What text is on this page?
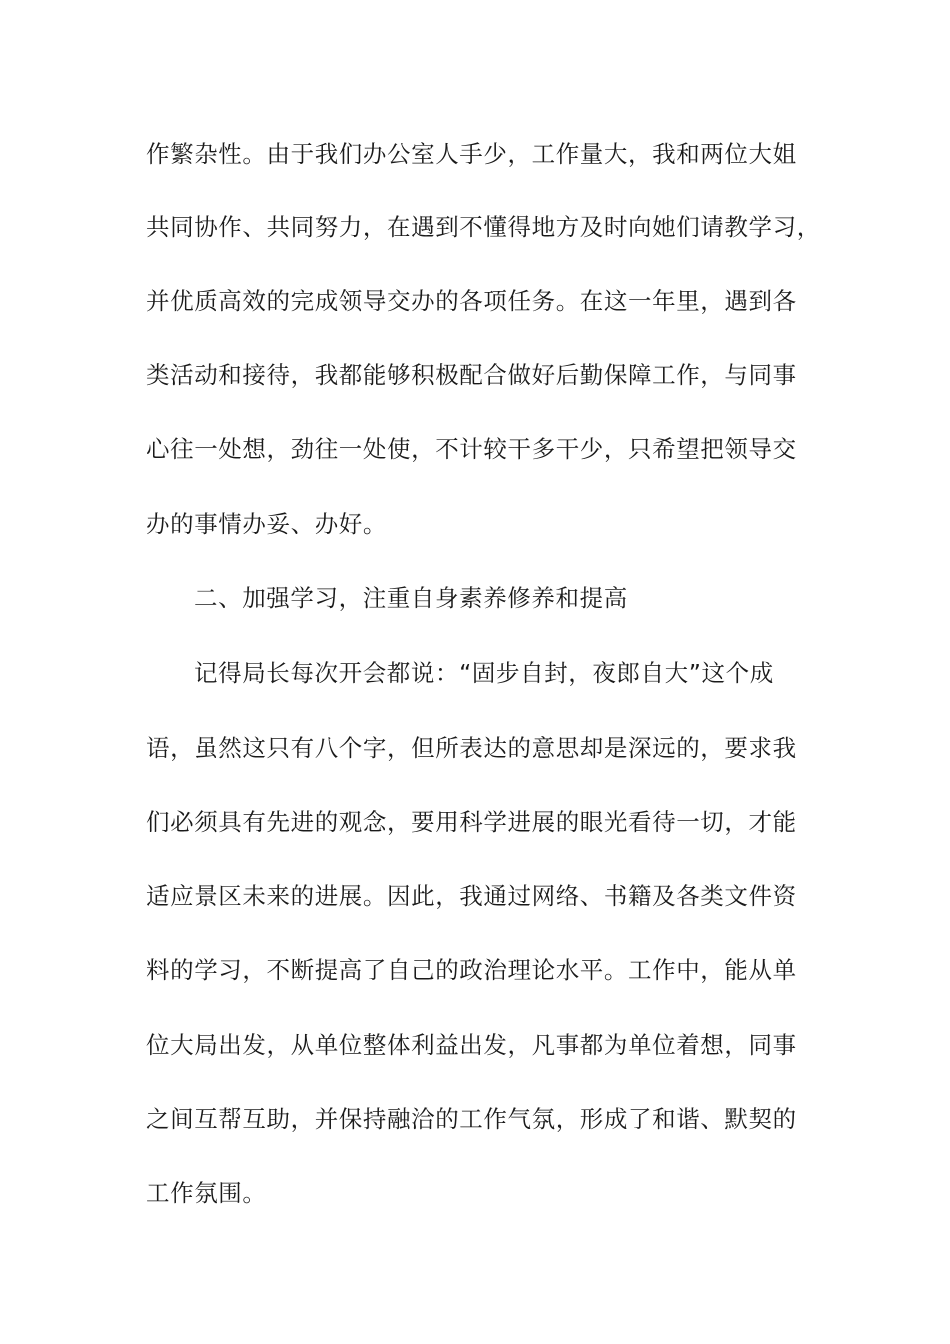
作繁杂性。由于我们办公室人手少，工作量大，我和两位大姐
共同协作、共同努力，在遇到不懂得地方及时向她们请教学习，
并优质高效的完成领导交办的各项任务。在这一年里，遇到各
类活动和接待，我都能够积极配合做好后勤保障工作，与同事
心往一处想，劲往一处使，不计较干多干少，只希望把领导交
办的事情办妥、办好。
二、加强学习，注重自身素养修养和提高
记得局长每次开会都说：“固步自封，夜郎自大”这个成
语，虽然这只有八个字，但所表达的意思却是深远的，要求我
们必须具有先进的观念，要用科学进展的眼光看待一切，才能
适应景区未来的进展。因此，我通过网络、书籍及各类文件资
料的学习，不断提高了自己的政治理论水平。工作中，能从单
位大局出发，从单位整体利益出发，凡事都为单位着想，同事
之间互帮互助，并保持融洽的工作气氛，形成了和谐、默契的
工作氛围。
